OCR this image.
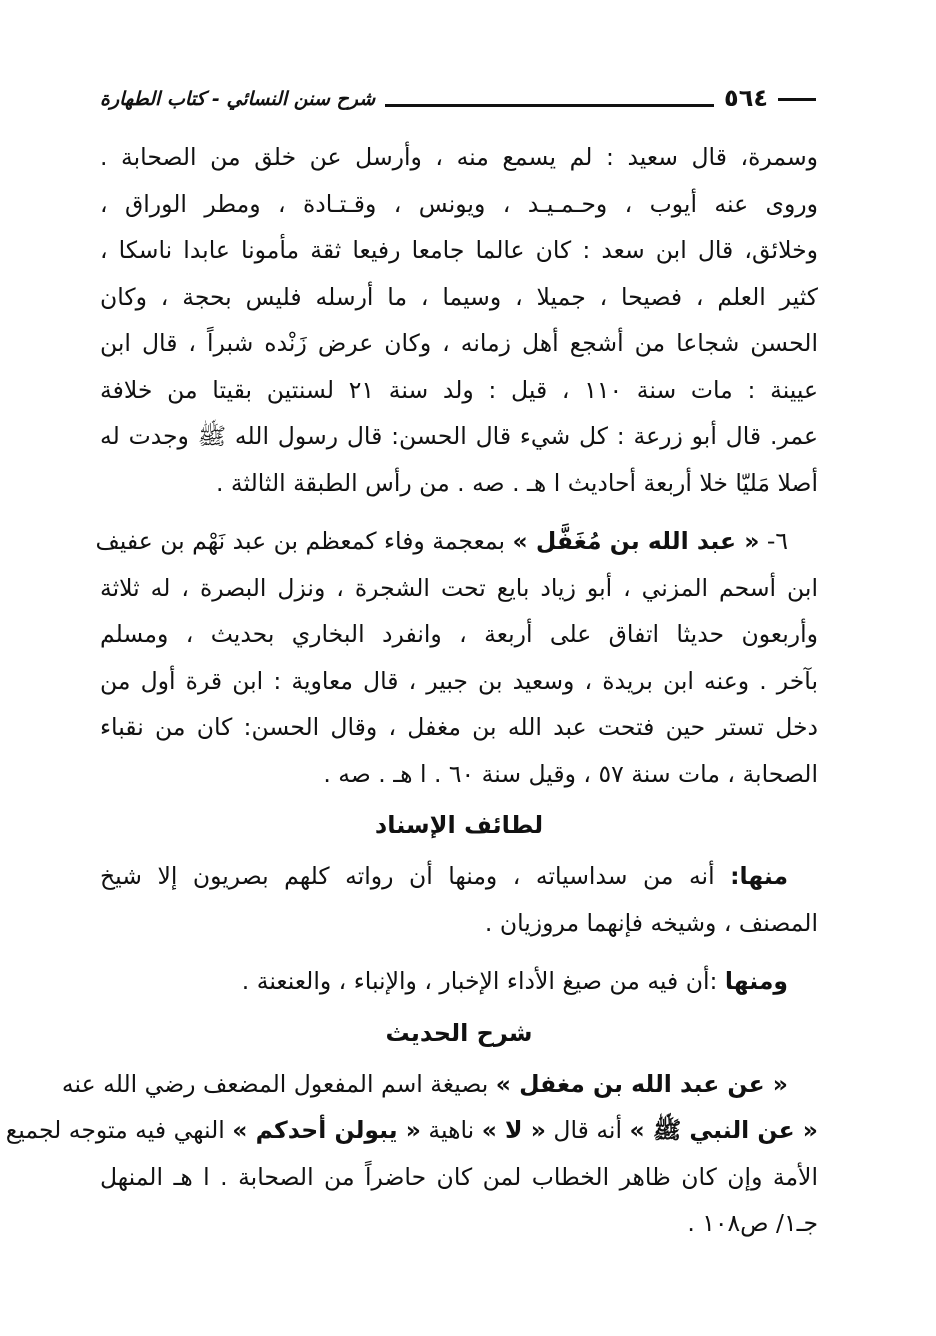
شرح سنن النسائي - كتاب الطهارة	٥٦٤
وسمرة، قال سعيد : لم يسمع منه ، وأرسل عن خلق من الصحابة .
وروى عنه أيوب ، وحـمـيـد ، ويونس ، وقـتـادة ، ومطر الوراق ،
وخلائق، قال ابن سعد : كان عالما جامعا رفيعا ثقة مأمونا عابدا ناسكا ،
كثير العلم ، فصيحا ، جميلا ، وسيما ، ما أرسله فليس بحجة ، وكان
الحسن شجاعا من أشجع أهل زمانه ، وكان عرض زَنْده شبراً ، قال ابن
عيينة : مات سنة ١١٠ ، قيل : ولد سنة ٢١ لسنتين بقيتا من خلافة
عمر. قال أبو زرعة : كل شيء قال الحسن: قال رسول الله ﷺ وجدت له
أصلا مَليّا خلا أربعة أحاديث ا هـ . صه . من رأس الطبقة الثالثة .
٦- « عبد الله بن مُغَفَّل » بمعجمة وفاء كمعظم بن عبد نَهْم بن عفيف
ابن أسحم المزني ، أبو زياد بايع تحت الشجرة ، ونزل البصرة ، له ثلاثة
وأربعون حديثا اتفاق على أربعة ، وانفرد البخاري بحديث ، ومسلم
بآخر . وعنه ابن بريدة ، وسعيد بن جبير ، قال معاوية : ابن قرة أول من
دخل تستر حين فتحت عبد الله بن مغفل ، وقال الحسن: كان من نقباء
الصحابة ، مات سنة ٥٧ ، وقيل سنة ٦٠ . ا هـ . صه .
لطائف الإسناد
منها: أنه من سداسياته ، ومنها أن رواته كلهم بصريون إلا شيخ
المصنف ، وشيخه فإنهما مروزيان .
ومنها :أن فيه من صيغ الأداء الإخبار ، والإنباء ، والعنعنة .
شرح الحديث
« عن عبد الله بن مغفل » بصيغة اسم المفعول المضعف رضي الله عنه
« عن النبي ﷺ » أنه قال « لا » ناهية « يبولن أحدكم » النهي فيه متوجه لجميع
الأمة وإن كان ظاهر الخطاب لمن كان حاضراً من الصحابة . ا هـ المنهل
جـ١/ ص١٠٨ .
